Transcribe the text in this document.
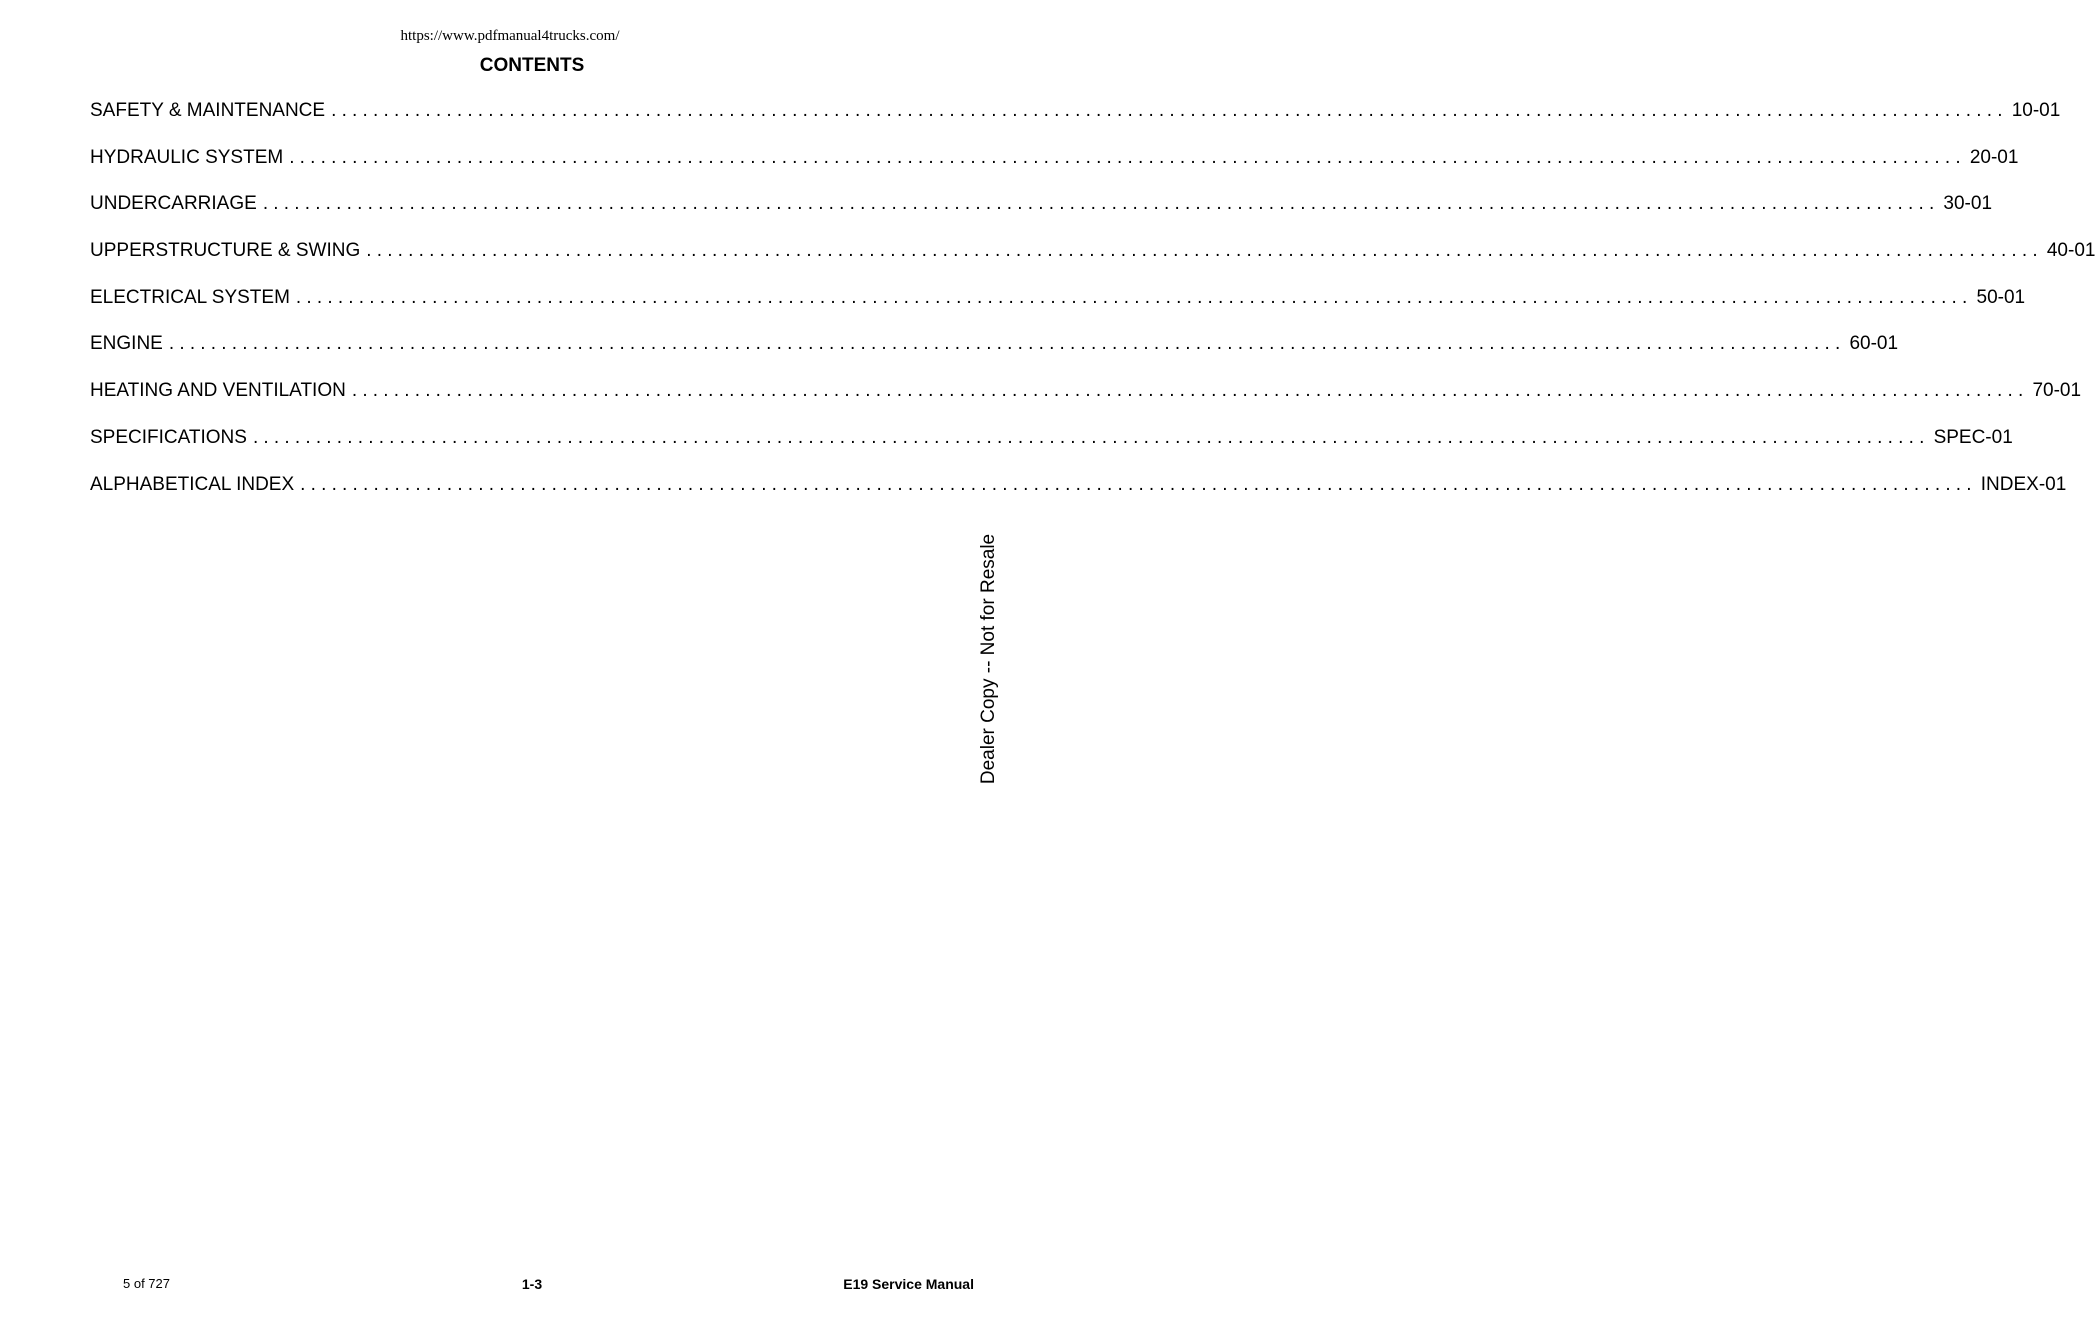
https://www.pdfmanual4trucks.com/
CONTENTS
SAFETY & MAINTENANCE ................................................................................................................................................................ 10-01
HYDRAULIC SYSTEM ................................................................................................................................................................ 20-01
UNDERCARRIAGE ................................................................................................................................................................ 30-01
UPPERSTRUCTURE & SWING ................................................................................................................................................................ 40-01
ELECTRICAL SYSTEM ................................................................................................................................................................ 50-01
ENGINE ................................................................................................................................................................ 60-01
HEATING AND VENTILATION ................................................................................................................................................................ 70-01
SPECIFICATIONS ................................................................................................................................................................ SPEC-01
ALPHABETICAL INDEX ................................................................................................................................................................ INDEX-01
Dealer Copy -- Not for Resale
5 of 727	1-3	E19 Service Manual
